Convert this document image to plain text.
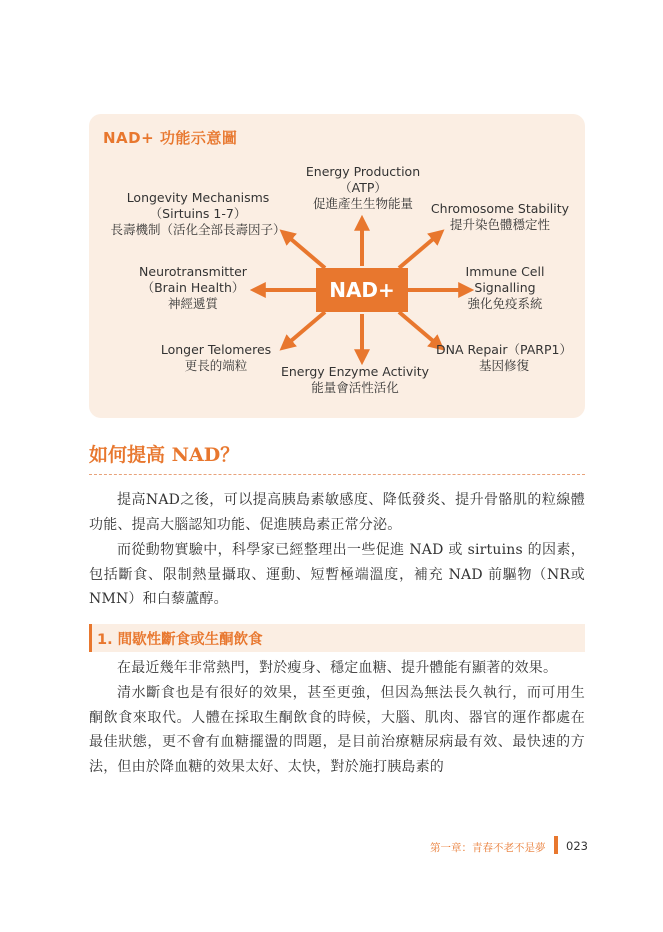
NAD+ 功能示意圖
NAD+
Energy Production
（ATP）
促進產生生物能量
Longevity Mechanisms
（Sirtuins 1-7）
長壽機制（活化全部長壽因子）
Chromosome Stability
提升染色體穩定性
Neurotransmitter
（Brain Health）
神經遞質
Immune Cell
Signalling
強化免疫系統
Longer Telomeres
更長的端粒
DNA Repair（PARP1）
基因修復
Energy Enzyme Activity
能量會活性活化
如何提高 NAD？

提高NAD之後，可以提高胰島素敏感度、降低發炎、提升骨骼肌的粒線體功能、提高大腦認知功能、促進胰島素正常分泌。

而從動物實驗中，科學家已經整理出一些促進 NAD 或 sirtuins 的因素，包括斷食、限制熱量攝取、運動、短暫極端溫度，補充 NAD 前驅物（NR或NMN）和白藜蘆醇。

1. 間歇性斷食或生酮飲食

在最近幾年非常熱門，對於瘦身、穩定血糖、提升體能有顯著的效果。

清水斷食也是有很好的效果，甚至更強，但因為無法長久執行，而可用生酮飲食來取代。人體在採取生酮飲食的時候，大腦、肌肉、器官的運作都處在最佳狀態，更不會有血糖擺盪的問題，是目前治療糖尿病最有效、最快速的方法，但由於降血糖的效果太好、太快，對於施打胰島素的

第一章：青春不老不是夢 023
